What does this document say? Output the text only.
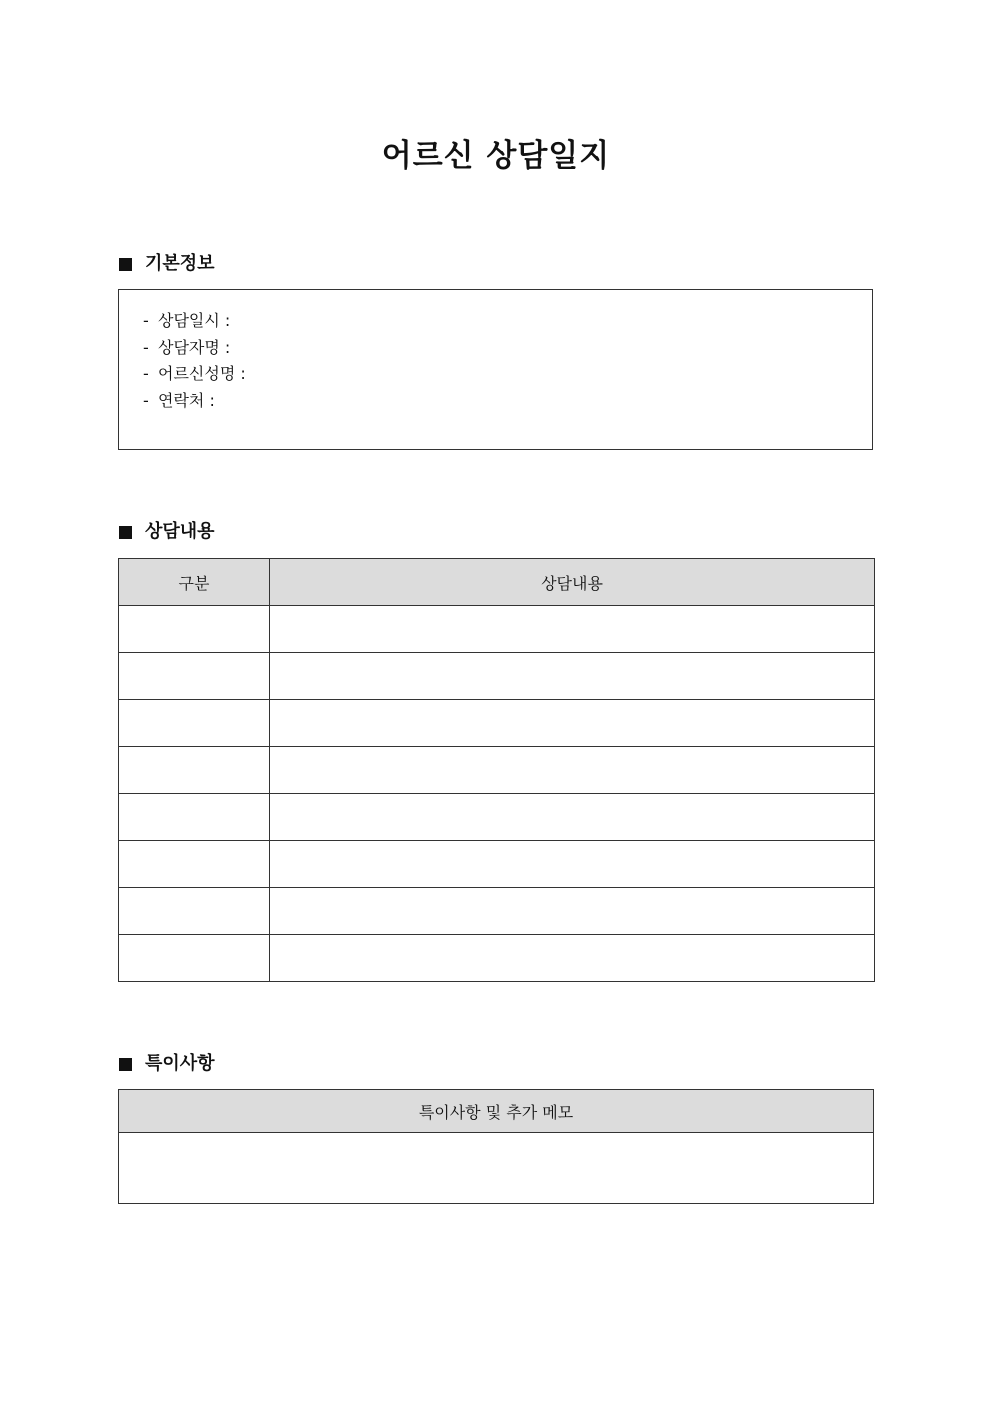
어르신 상담일지
기본정보
- 상담일시 :
- 상담자명 :
- 어르신성명 :
- 연락처 :
상담내용
구분	상담내용

특이사항
특이사항 및 추가 메모
